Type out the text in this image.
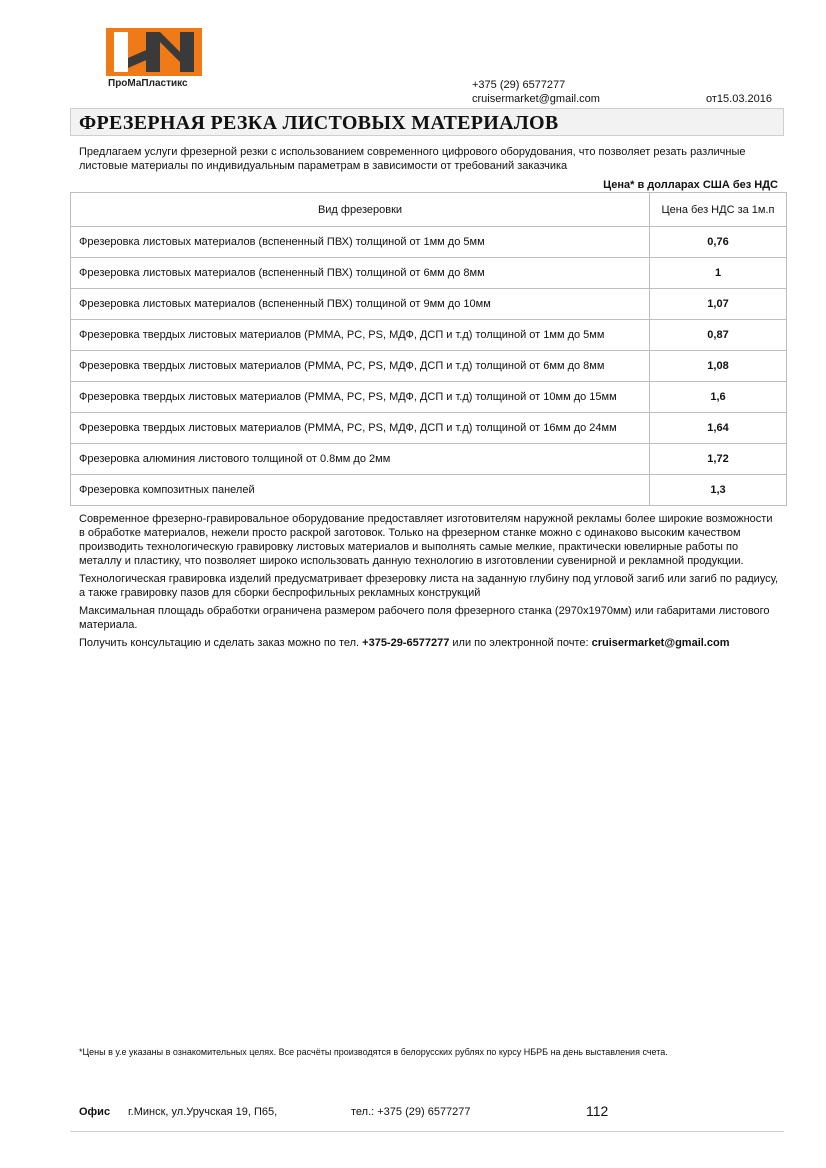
ПроМаПластикс	+375 (29) 6577277
cruisermarket@gmail.com	от15.03.2016
ФРЕЗЕРНАЯ РЕЗКА ЛИСТОВЫХ МАТЕРИАЛОВ
Предлагаем услуги фрезерной резки с использованием современного цифрового оборудования, что позволяет резать различные листовые материалы по индивидуальным параметрам в зависимости от требований заказчика
Цена* в долларах США без НДС
Вид фрезеровки	Цена без НДС за 1м.п
Фрезеровка листовых материалов (вспененный ПВХ) толщиной от 1мм до 5мм	0,76
Фрезеровка листовых материалов (вспененный ПВХ) толщиной от 6мм до 8мм	1
Фрезеровка листовых материалов (вспененный ПВХ) толщиной от 9мм до 10мм	1,07
Фрезеровка твердых листовых материалов (PMMA, PC, PS, МДФ, ДСП и т.д) толщиной от 1мм до 5мм	0,87
Фрезеровка твердых листовых материалов (PMMA, PC, PS, МДФ, ДСП и т.д) толщиной от 6мм до 8мм	1,08
Фрезеровка твердых листовых материалов (PMMA, PC, PS, МДФ, ДСП и т.д) толщиной от 10мм до 15мм	1,6
Фрезеровка твердых листовых материалов (PMMA, PC, PS, МДФ, ДСП и т.д) толщиной от 16мм до 24мм	1,64
Фрезеровка алюминия листового толщиной от 0.8мм до 2мм	1,72
Фрезеровка композитных панелей	1,3

Современное фрезерно-гравировальное оборудование предоставляет изготовителям наружной рекламы более широкие возможности в обработке материалов, нежели просто раскрой заготовок. Только на фрезерном станке можно с одинаково высоким качеством производить технологическую гравировку листовых материалов и выполнять самые мелкие, практически ювелирные работы по металлу и пластику, что позволяет широко использовать данную технологию в изготовлении сувенирной и рекламной продукции.

Технологическая гравировка изделий предусматривает фрезеровку листа на заданную глубину под угловой загиб или загиб по радиусу, а также гравировку пазов для сборки беспрофильных рекламных конструкций

Максимальная площадь обработки ограничена размером рабочего поля фрезерного станка (2970х1970мм) или габаритами листового материала.

Получить консультацию и сделать заказ можно по тел. +375-29-6577277 или по электронной почте: cruisermarket@gmail.com

*Цены в у.е указаны в ознакомительных целях. Все расчёты производятся в белорусских рублях по курсу НБРБ на день выставления счета.
Офис г.Минск, ул.Уручская 19, П65,	тел.: +375 (29) 6577277	112
